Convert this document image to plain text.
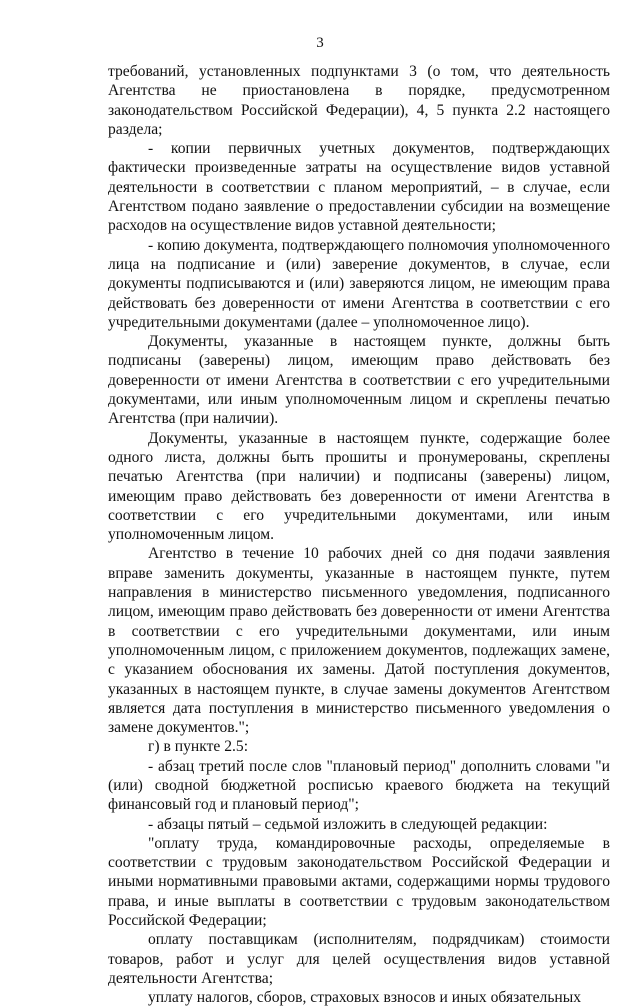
3

требований, установленных подпунктами 3 (о том, что деятельность Агентства не приостановлена в порядке, предусмотренном законодательством Российской Федерации), 4, 5 пункта 2.2 настоящего раздела;

- копии первичных учетных документов, подтверждающих фактически произведенные затраты на осуществление видов уставной деятельности в соответствии с планом мероприятий, – в случае, если Агентством подано заявление о предоставлении субсидии на возмещение расходов на осуществление видов уставной деятельности;

- копию документа, подтверждающего полномочия уполномоченного лица на подписание и (или) заверение документов, в случае, если документы подписываются и (или) заверяются лицом, не имеющим права действовать без доверенности от имени Агентства в соответствии с его учредительными документами (далее – уполномоченное лицо).

Документы, указанные в настоящем пункте, должны быть подписаны (заверены) лицом, имеющим право действовать без доверенности от имени Агентства в соответствии с его учредительными документами, или иным уполномоченным лицом и скреплены печатью Агентства (при наличии).

Документы, указанные в настоящем пункте, содержащие более одного листа, должны быть прошиты и пронумерованы, скреплены печатью Агентства (при наличии) и подписаны (заверены) лицом, имеющим право действовать без доверенности от имени Агентства в соответствии с его учредительными документами, или иным уполномоченным лицом.

Агентство в течение 10 рабочих дней со дня подачи заявления вправе заменить документы, указанные в настоящем пункте, путем направления в министерство письменного уведомления, подписанного лицом, имеющим право действовать без доверенности от имени Агентства в соответствии с его учредительными документами, или иным уполномоченным лицом, с приложением документов, подлежащих замене, с указанием обоснования их замены. Датой поступления документов, указанных в настоящем пункте, в случае замены документов Агентством является дата поступления в министерство письменного уведомления о замене документов.";

г) в пункте 2.5:

- абзац третий после слов "плановый период" дополнить словами "и (или) сводной бюджетной росписью краевого бюджета на текущий финансовый год и плановый период";

- абзацы пятый – седьмой изложить в следующей редакции:

"оплату труда, командировочные расходы, определяемые в соответствии с трудовым законодательством Российской Федерации и иными нормативными правовыми актами, содержащими нормы трудового права, и иные выплаты в соответствии с трудовым законодательством Российской Федерации;

оплату поставщикам (исполнителям, подрядчикам) стоимости товаров, работ и услуг для целей осуществления видов уставной деятельности Агентства;

уплату налогов, сборов, страховых взносов и иных обязательных
